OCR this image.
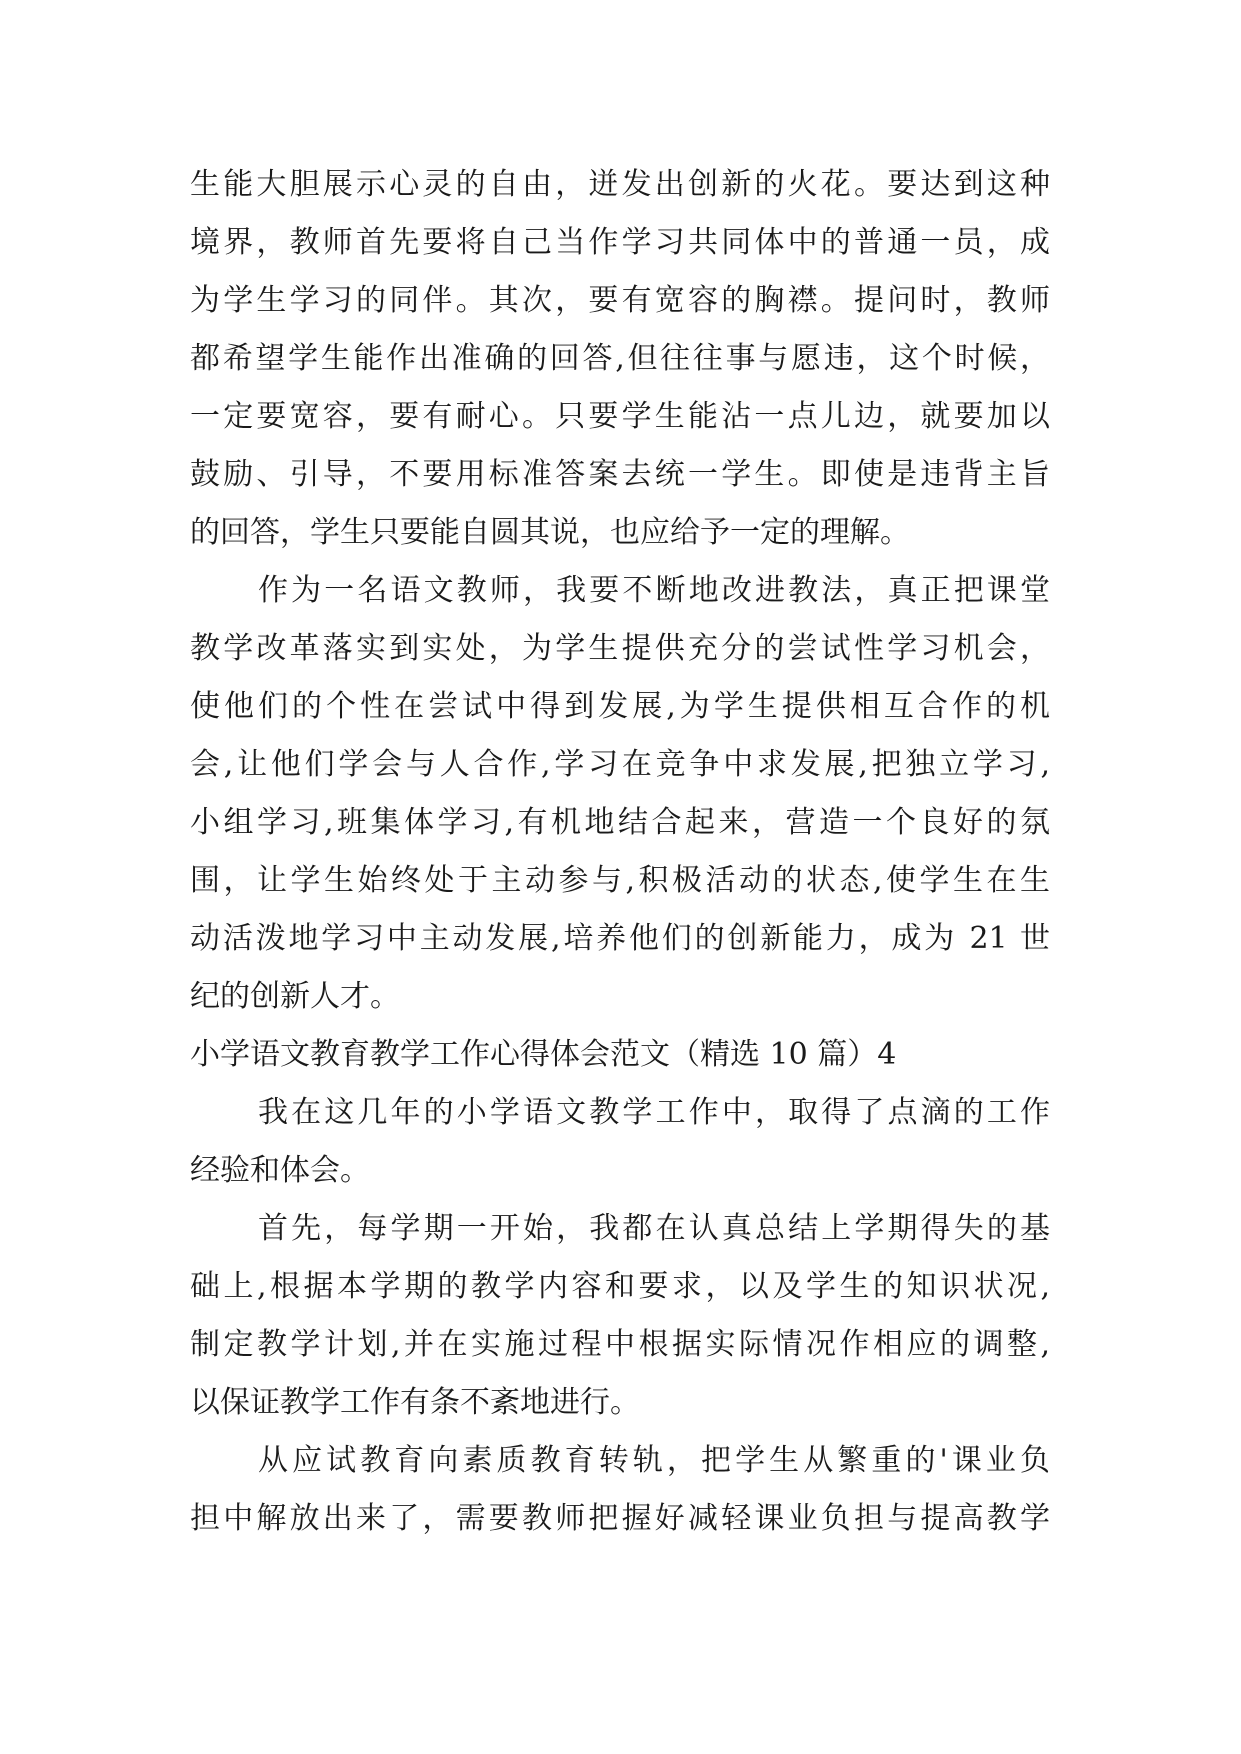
生能大胆展示心灵的自由，迸发出创新的火花。要达到这种

境界，教师首先要将自己当作学习共同体中的普通一员，成

为学生学习的同伴。其次，要有宽容的胸襟。提问时，教师

都希望学生能作出准确的回答,但往往事与愿违，这个时候，

一定要宽容，要有耐心。只要学生能沾一点儿边，就要加以

鼓励、引导，不要用标准答案去统一学生。即使是违背主旨

的回答，学生只要能自圆其说，也应给予一定的理解。

作为一名语文教师，我要不断地改进教法，真正把课堂

教学改革落实到实处，为学生提供充分的尝试性学习机会，

使他们的个性在尝试中得到发展,为学生提供相互合作的机

会,让他们学会与人合作,学习在竞争中求发展,把独立学习,

小组学习,班集体学习,有机地结合起来，营造一个良好的氛

围，让学生始终处于主动参与,积极活动的状态,使学生在生

动活泼地学习中主动发展,培养他们的创新能力，成为 21 世

纪的创新人才。

小学语文教育教学工作心得体会范文（精选 10 篇）4

我在这几年的小学语文教学工作中，取得了点滴的工作

经验和体会。

首先，每学期一开始，我都在认真总结上学期得失的基

础上,根据本学期的教学内容和要求，以及学生的知识状况,

制定教学计划,并在实施过程中根据实际情况作相应的调整,

以保证教学工作有条不紊地进行。

从应试教育向素质教育转轨，把学生从繁重的'课业负

担中解放出来了，需要教师把握好减轻课业负担与提高教学
